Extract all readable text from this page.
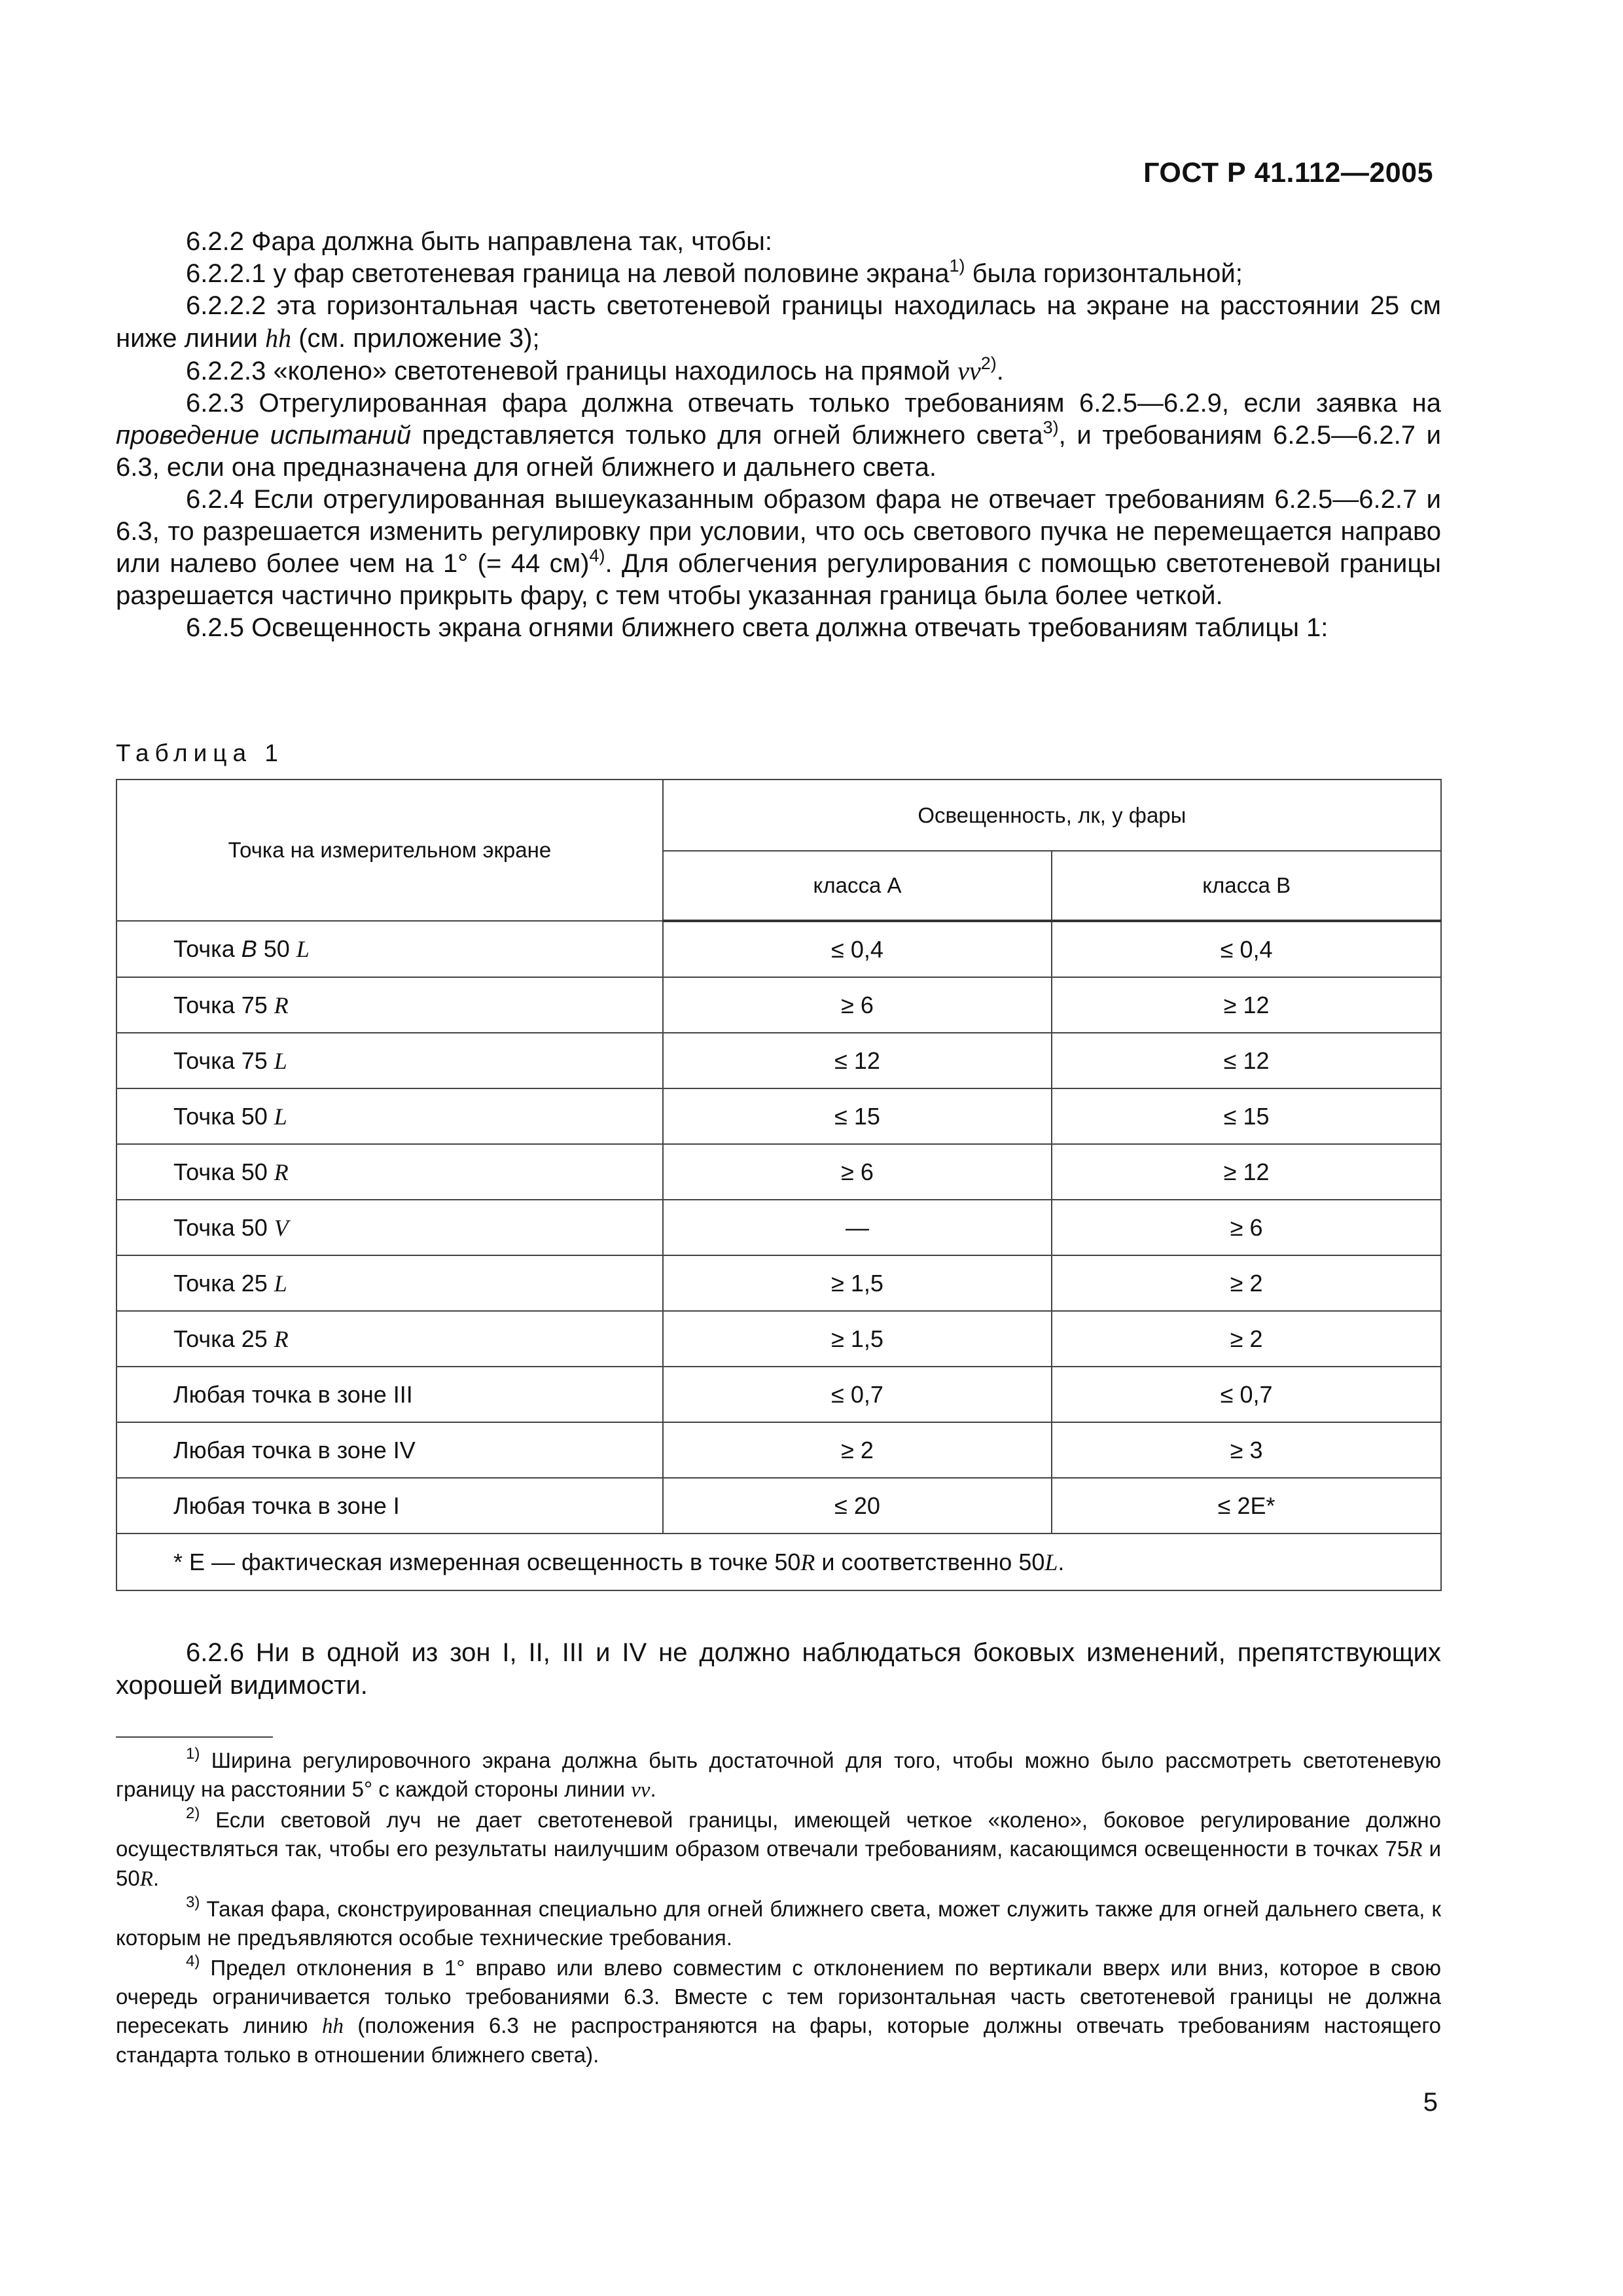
ГОСТ Р 41.112—2005

6.2.2 Фара должна быть направлена так, чтобы:

6.2.2.1 у фар светотеневая граница на левой половине экрана$^{1)}$ была горизонтальной;

6.2.2.2 эта горизонтальная часть светотеневой границы находилась на экране на расстоянии 25 см ниже линии hh (см. приложение 3);

6.2.2.3 «колено» светотеневой границы находилось на прямой $vv^{2)}$.

6.2.3 Отрегулированная фара должна отвечать только требованиям 6.2.5—6.2.9, если заявка на проведение испытаний представляется только для огней ближнего света$^{3)}$, и требованиям 6.2.5—6.2.7 и 6.3, если она предназначена для огней ближнего и дальнего света.

6.2.4 Если отрегулированная вышеуказанным образом фара не отвечает требованиям 6.2.5—6.2.7 и 6.3, то разрешается изменить регулировку при условии, что ось светового пучка не перемещается направо или налево более чем на 1° (= 44 см)$^{4)}$. Для облегчения регулирования с помощью светотеневой границы разрешается частично прикрыть фару, с тем чтобы указанная граница была более четкой.

6.2.5 Освещенность экрана огнями ближнего света должна отвечать требованиям таблицы 1:

Таблица 1
Точка на измерительном экране	Освещенность, лк, у фары	
	класса A	класса B
Точка B 50 L	≤ 0,4	≤ 0,4
Точка 75 R	≥ 6	≥ 12
Точка 75 L	≤ 12	≤ 12
Точка 50 L	≤ 15	≤ 15
Точка 50 R	≥ 6	≥ 12
Точка 50 V	—	≥ 6
Точка 25 L	≥ 1,5	≥ 2
Точка 25 R	≥ 1,5	≥ 2
Любая точка в зоне III	≤ 0,7	≤ 0,7
Любая точка в зоне IV	≥ 2	≥ 3
Любая точка в зоне I	≤ 20	≤ 2E*
* E — фактическая измеренная освещенность в точке 50R и соответственно 50L.		

6.2.6 Ни в одной из зон I, II, III и IV не должно наблюдаться боковых изменений, препятствующих хорошей видимости.

$^{1)}$ Ширина регулировочного экрана должна быть достаточной для того, чтобы можно было рассмотреть светотеневую границу на расстоянии 5° с каждой стороны линии vv.

$^{2)}$ Если световой луч не дает светотеневой границы, имеющей четкое «колено», боковое регулирование должно осуществляться так, чтобы его результаты наилучшим образом отвечали требованиям, касающимся освещенности в точках 75R и 50R.

$^{3)}$ Такая фара, сконструированная специально для огней ближнего света, может служить также для огней дальнего света, к которым не предъявляются особые технические требования.

$^{4)}$ Предел отклонения в 1° вправо или влево совместим с отклонением по вертикали вверх или вниз, которое в свою очередь ограничивается только требованиями 6.3. Вместе с тем горизонтальная часть светотеневой границы не должна пересекать линию hh (положения 6.3 не распространяются на фары, которые должны отвечать требованиям настоящего стандарта только в отношении ближнего света).

5
